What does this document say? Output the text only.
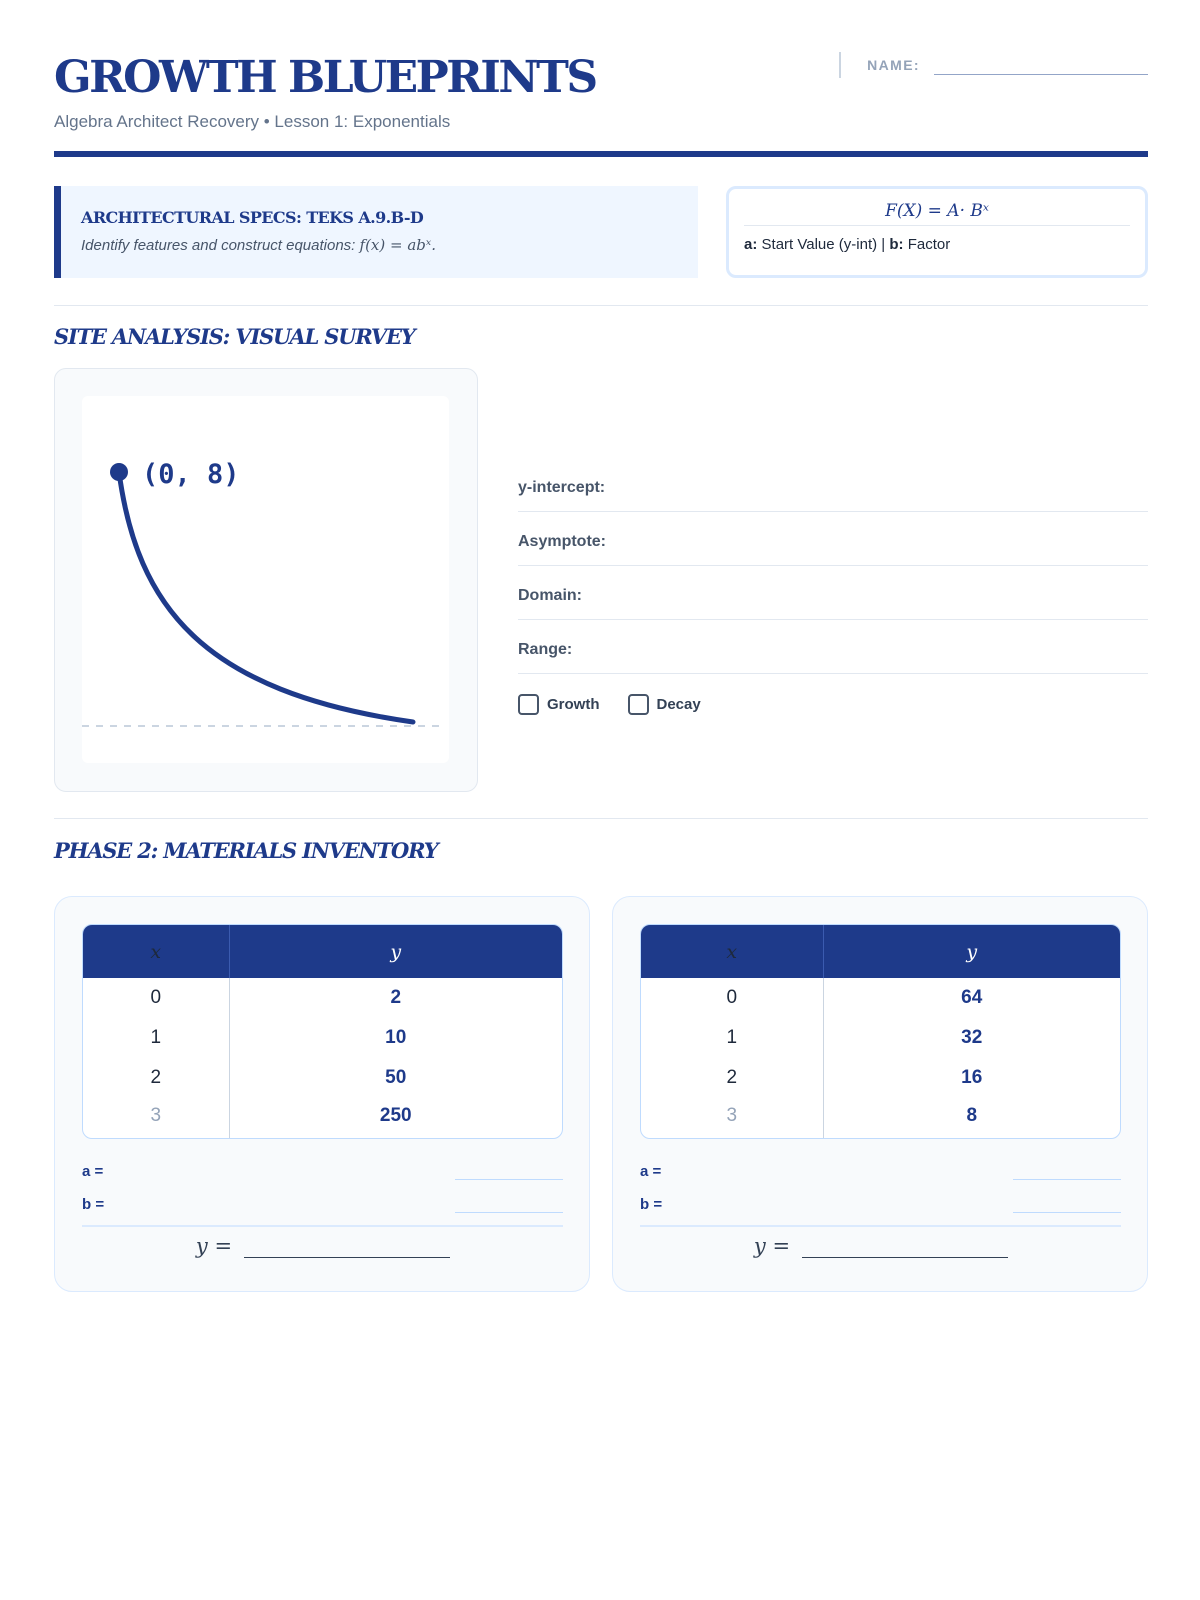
GROWTH BLUEPRINTS
Algebra Architect Recovery • Lesson 1: Exponentials
NAME:
ARCHITECTURAL SPECS: TEKS A.9.B-D
Identify features and construct equations: f(x) = abˣ.
F(X) = A· Bˣ
a: Start Value (y-int) | b: Factor
SITE ANALYSIS: VISUAL SURVEY
(0, 8)	y-intercept:
Asymptote:
Domain:
Range:
Growth	Decay
PHASE 2: MATERIALS INVENTORY
x	y
0	2
1	10
2	50
3	250
a =
b =
y =
x	y
0	64
1	32
2	16
3	8
a =
b =
y =
